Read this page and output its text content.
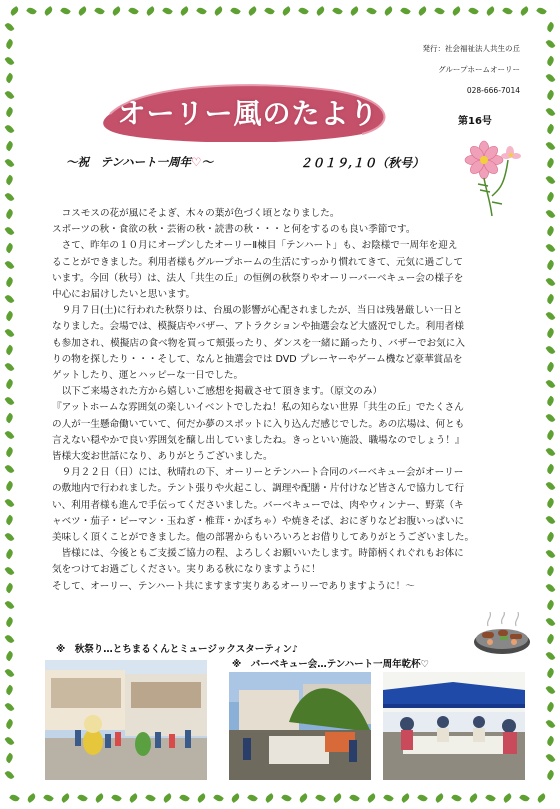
発行：社会福祉法人共生の丘
グループホームオーリー
028-666-7014
オーリー風のたより	第16号
〜祝　テンハート一周年♡〜	２０１９,１０（秋号）

　コスモスの花が風にそよぎ、木々の葉が色づく頃となりました。

スポーツの秋・食欲の秋・芸術の秋・読書の秋・・・と何をするのも良い季節です。

　さて、昨年の１０月にオープンしたオーリーⅡ棟目「テンハート」も、お陰様で一周年を迎え

ることができました。利用者様もグループホームの生活にすっかり慣れてきて、元気に過ごして

います。今回（秋号）は、法人「共生の丘」の恒例の秋祭りやオーリーバーベキュー会の様子を

中心にお届けしたいと思います。

　９月７日(土)に行われた秋祭りは、台風の影響が心配されましたが、当日は残暑厳しい一日と

なりました。会場では、模擬店やバザー、アトラクションや抽選会など大盛況でした。利用者様

も参加され、模擬店の食べ物を買って頬張ったり、ダンスを一緒に踊ったり、バザーでお気に入

りの物を探したり・・・そして、なんと抽選会では DVD プレーヤーやゲーム機など豪華賞品を

ゲットしたり、運とハッピーな一日でした。

　以下ご来場された方から嬉しいご感想を掲載させて頂きます。（原文のみ）

『アットホームな雰囲気の楽しいイベントでしたね！私の知らない世界「共生の丘」でたくさん

の人が一生懸命働いていて、何だか夢のスポットに入り込んだ感じでした。あの広場は、何とも

言えない穏やかで良い雰囲気を醸し出していましたね。きっといい施設、職場なのでしょう！』

皆様大変お世話になり、ありがとうございました。

　９月２２日（日）には、秋晴れの下、オーリーとテンハート合同のバーベキュー会がオーリー

の敷地内で行われました。テント張りや火起こし、調理や配膳・片付けなど皆さんで協力して行

い、利用者様も進んで手伝ってくださいました。バーベキューでは、肉やウィンナー、野菜（キ

ャベツ・茄子・ピーマン・玉ねぎ・椎茸・かぼちゃ）や焼きそば、おにぎりなどお腹いっぱいに

美味しく頂くことができました。他の部署からもいろいろとお借りしてありがとうございました。

　皆様には、今後ともご支援ご協力の程、よろしくお願いいたします。時節柄くれぐれもお体に

気をつけてお過ごしください。実りある秋になりますように！

そして、オーリー、テンハート共にますます実りあるオーリーでありますように！〜

※　秋祭り…とちまるくんとミュージックスターティン♪
※　バーベキュー会…テンハート一周年乾杯♡
